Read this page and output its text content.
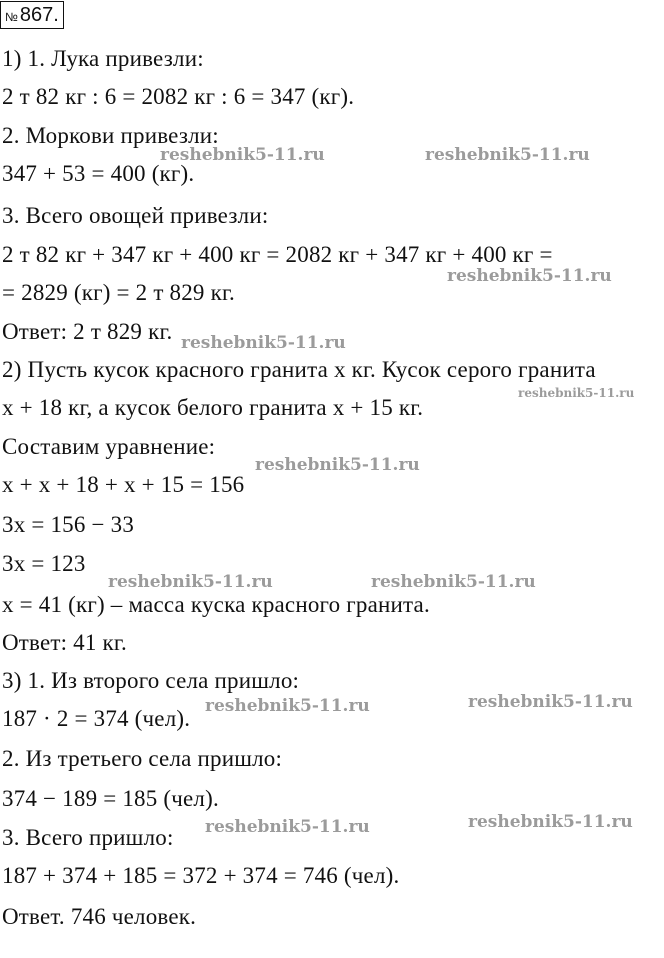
№ 867.
1) 1. Лука привезли:
2 т 82 кг : 6 = 2082 кг : 6 = 347 (кг).
2. Моркови привезли:
347 + 53 = 400 (кг).
3. Всего овощей привезли:
2 т 82 кг + 347 кг + 400 кг = 2082 кг + 347 кг + 400 кг =
= 2829 (кг) = 2 т 829 кг.
Ответ: 2 т 829 кг.
2) Пусть кусок красного гранита x кг. Кусок серого гранита
x + 18 кг, а кусок белого гранита x + 15 кг.
Составим уравнение:
x + x + 18 + x + 15 = 156
3x = 156 − 33
3x = 123
x = 41 (кг) – масса куска красного гранита.
Ответ: 41 кг.
3) 1. Из второго села пришло:
187 · 2 = 374 (чел).
2. Из третьего села пришло:
374 − 189 = 185 (чел).
3. Всего пришло:
187 + 374 + 185 = 372 + 374 = 746 (чел).
Ответ. 746 человек.
reshebnik5-11.ru	reshebnik5-11.ru
reshebnik5-11.ru
reshebnik5-11.ru
reshebnik5-11.ru
reshebnik5-11.ru
reshebnik5-11.ru	reshebnik5-11.ru
reshebnik5-11.ru	reshebnik5-11.ru
reshebnik5-11.ru	reshebnik5-11.ru
